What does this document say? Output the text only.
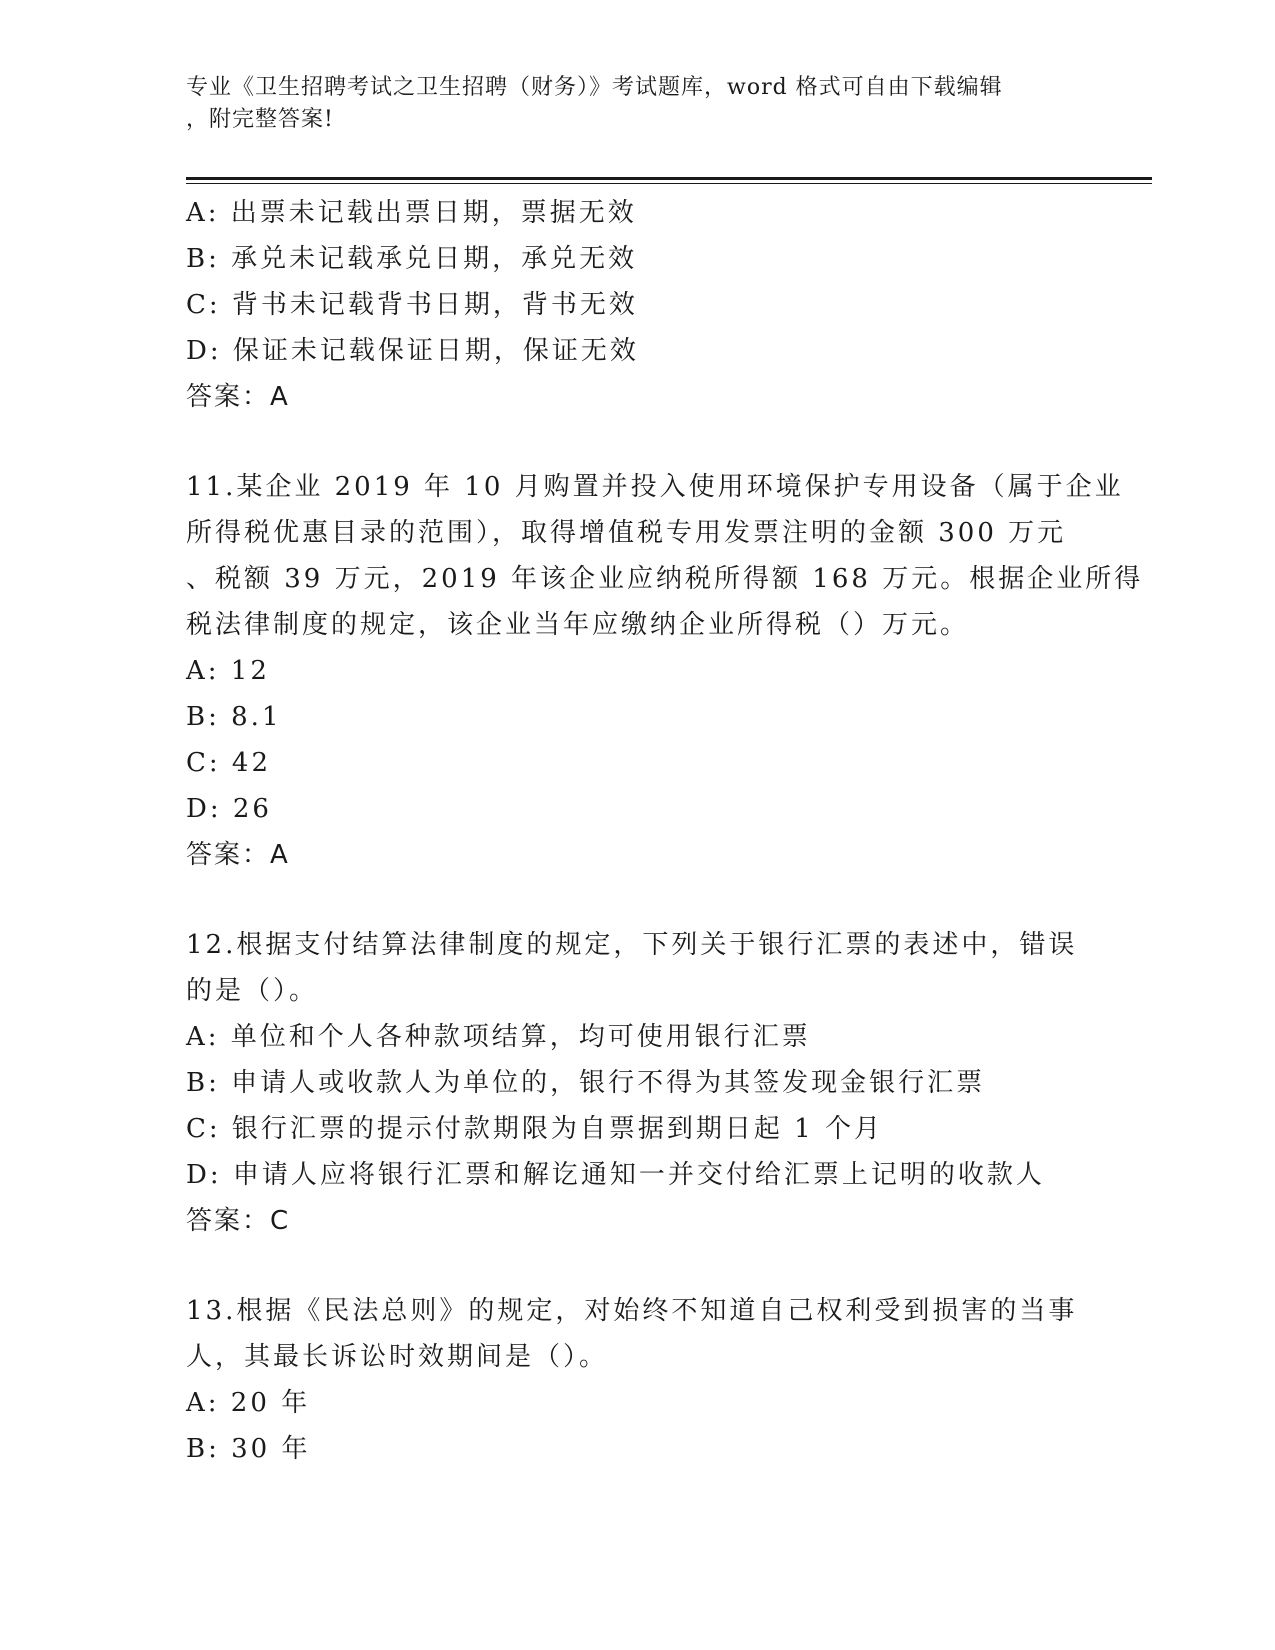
专业《卫生招聘考试之卫生招聘（财务）》考试题库，word 格式可自由下载编辑
，附完整答案!
A: 出票未记载出票日期，票据无效
B: 承兑未记载承兑日期，承兑无效
C: 背书未记载背书日期，背书无效
D: 保证未记载保证日期，保证无效
答案：A
11.某企业 2019 年 10 月购置并投入使用环境保护专用设备（属于企业
所得税优惠目录的范围），取得增值税专用发票注明的金额 300 万元
、税额 39 万元，2019 年该企业应纳税所得额 168 万元。根据企业所得
税法律制度的规定，该企业当年应缴纳企业所得税（）万元。
A: 12
B: 8.1
C: 42
D: 26
答案：A
12.根据支付结算法律制度的规定，下列关于银行汇票的表述中，错误
的是（）。
A: 单位和个人各种款项结算，均可使用银行汇票
B: 申请人或收款人为单位的，银行不得为其签发现金银行汇票
C: 银行汇票的提示付款期限为自票据到期日起 1 个月
D: 申请人应将银行汇票和解讫通知一并交付给汇票上记明的收款人
答案：C
13.根据《民法总则》的规定，对始终不知道自己权利受到损害的当事
人，其最长诉讼时效期间是（）。
A: 20 年
B: 30 年
